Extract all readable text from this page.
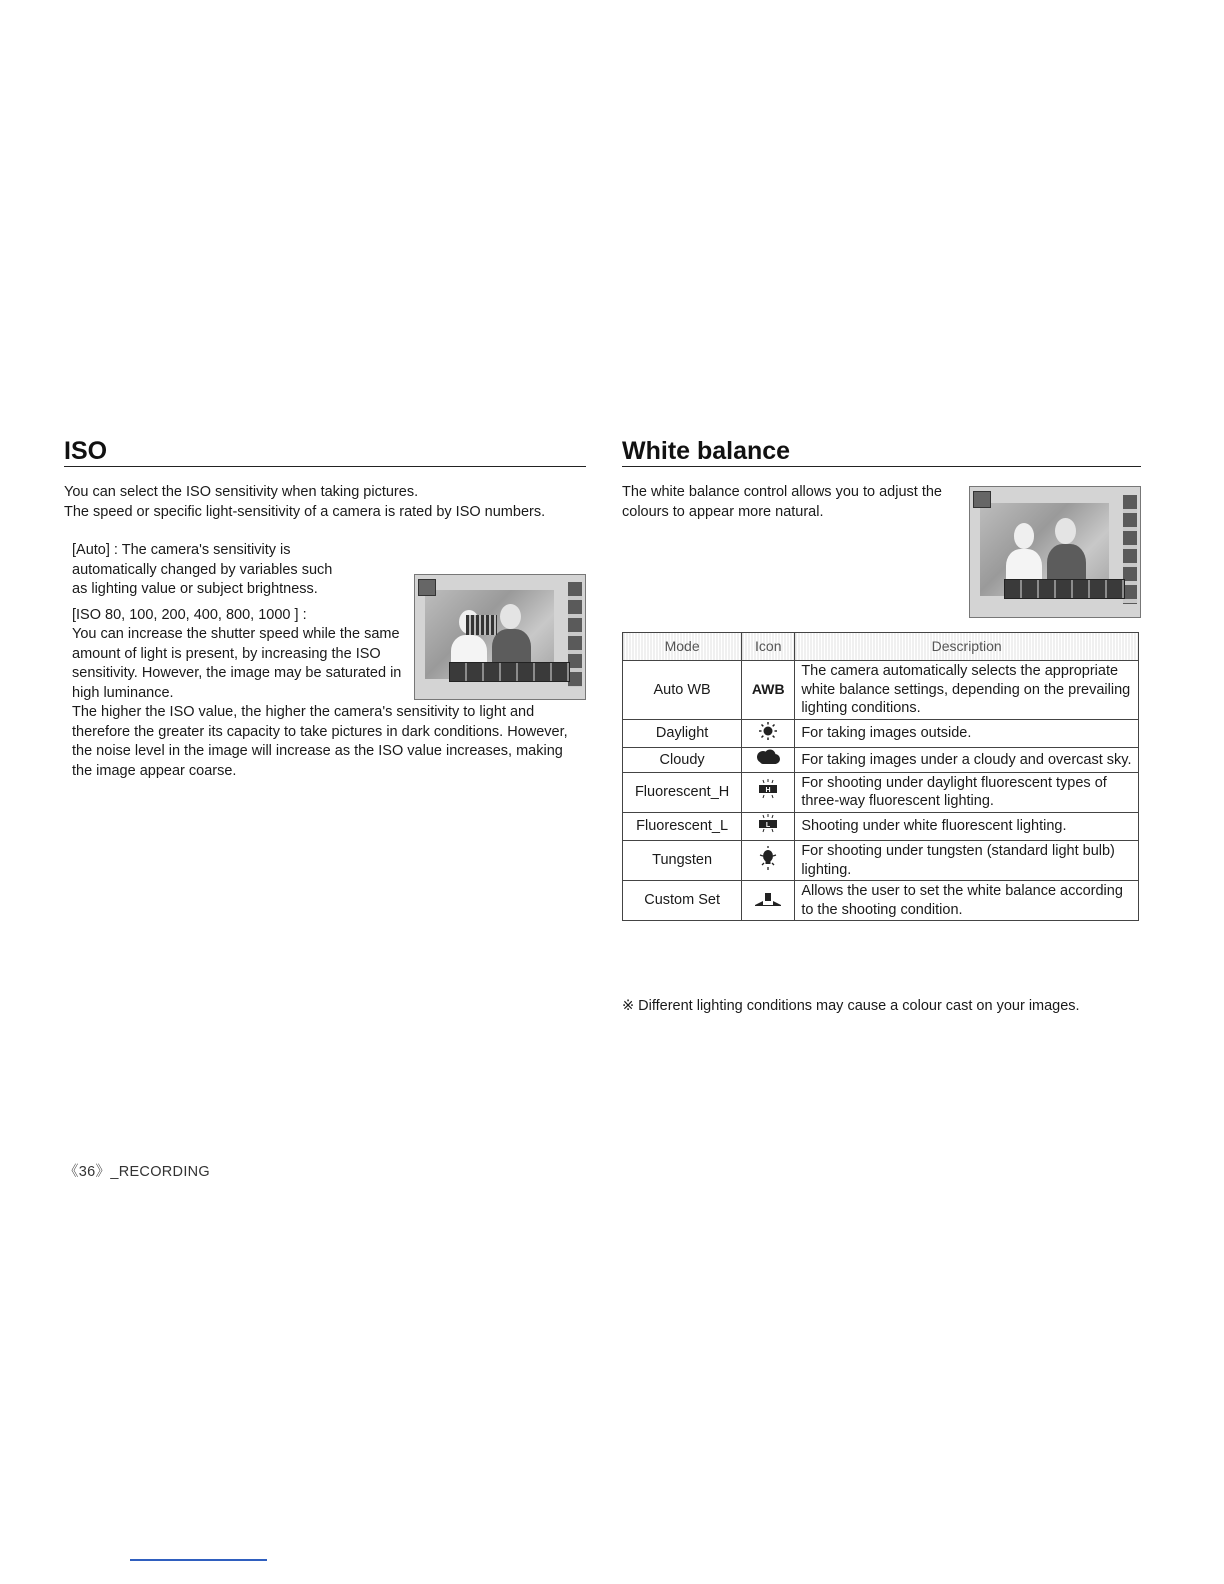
ISO

You can select the ISO sensitivity when taking pictures.

The speed or specific light-sensitivity of a camera is rated by ISO numbers.

[Auto] : The camera's sensitivity is automatically changed by variables such as lighting value or subject brightness.

[ISO 80, 100, 200, 400, 800, 1000 ] :

You can increase the shutter speed while the same amount of light is present, by increasing the ISO sensitivity. However, the image may be saturated in high luminance.

The higher the ISO value, the higher the camera's sensitivity to light and therefore the greater its capacity to take pictures in dark conditions. However, the noise level in the image will increase as the ISO value increases, making the image appear coarse.

White balance

The white balance control allows you to adjust the colours to appear more natural.

Mode	Icon	Description
Auto WB	AWB	The camera automatically selects the appropriate white balance settings, depending on the prevailing lighting conditions.
Daylight		For taking images outside.
Cloudy		For taking images under a cloudy and overcast sky.
Fluorescent_H	H	For shooting under daylight fluorescent types of three-way fluorescent lighting.
Fluorescent_L	L	Shooting under white fluorescent lighting.
Tungsten		For shooting under tungsten (standard light bulb) lighting.
Custom Set		Allows the user to set the white balance according to the shooting condition.

※ Different lighting conditions may cause a colour cast on your images.

《36》_RECORDING
